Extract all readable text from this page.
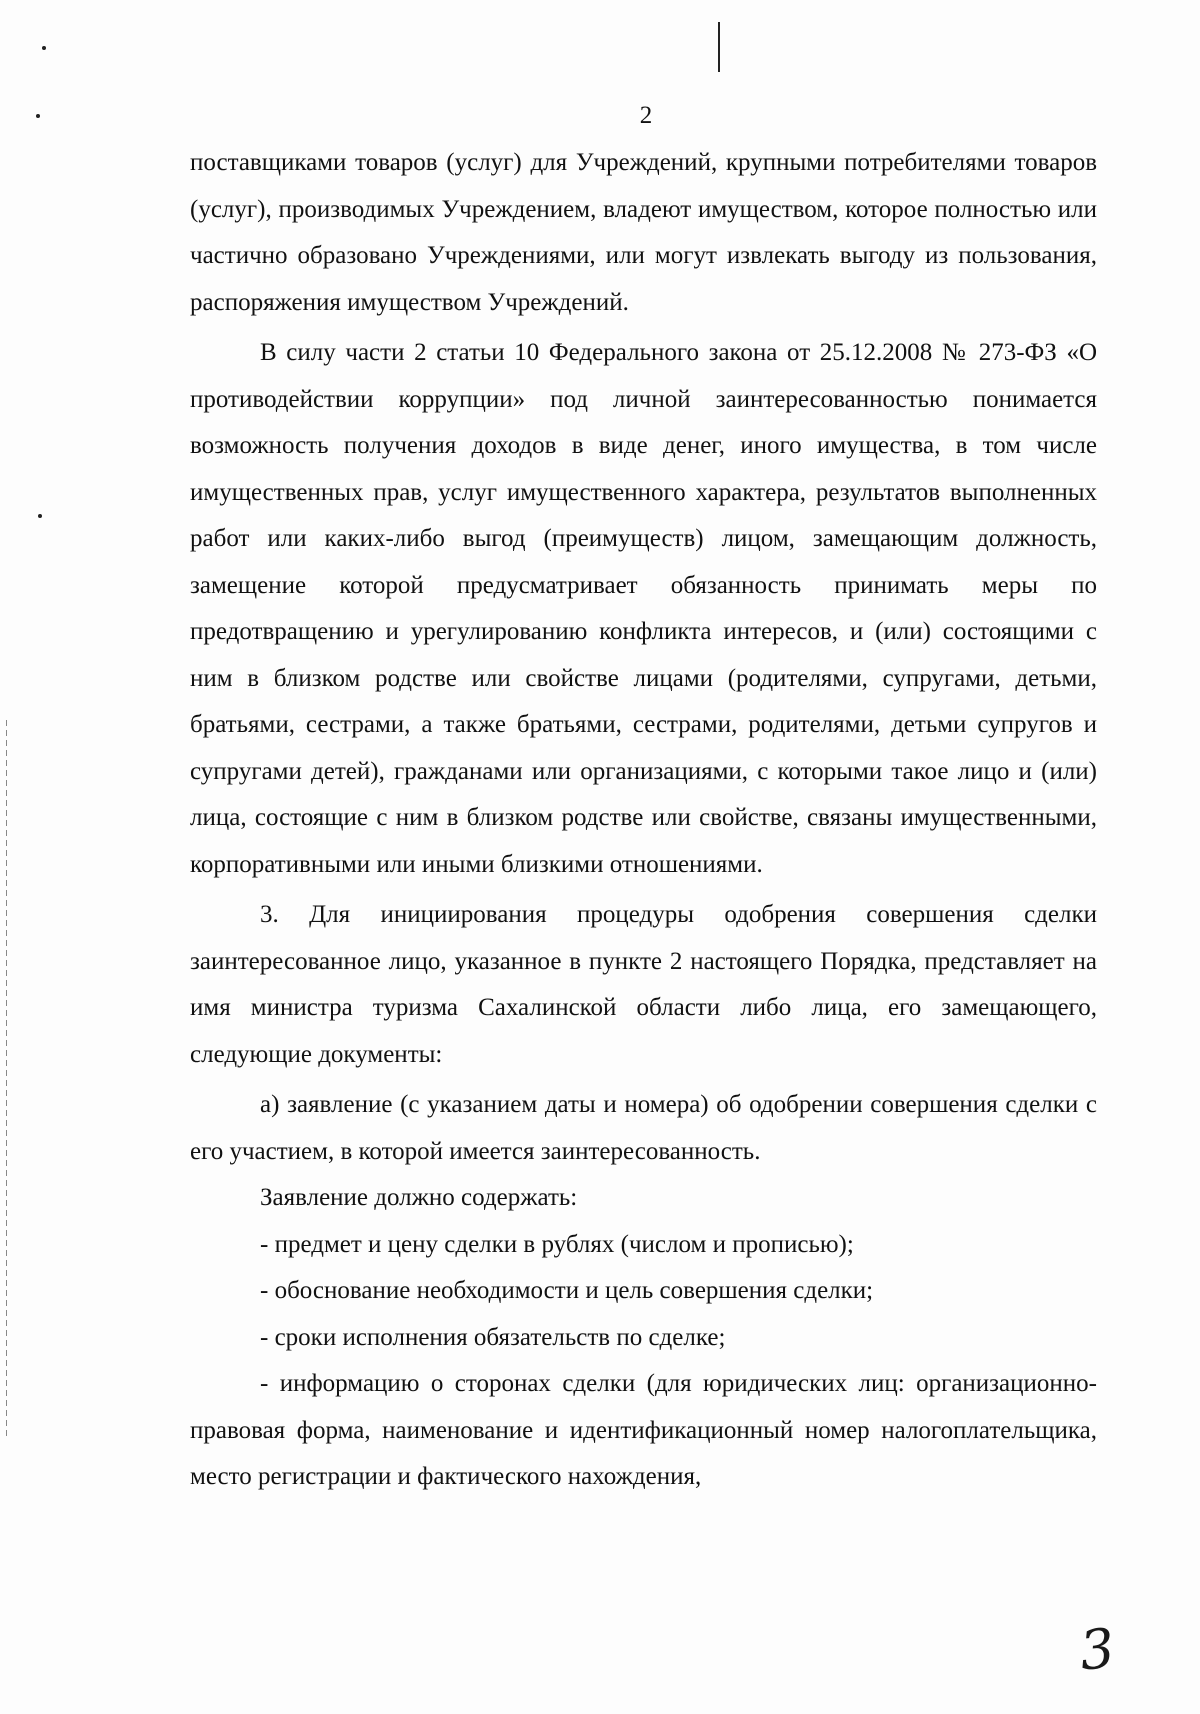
2

поставщиками товаров (услуг) для Учреждений, крупными потребителями товаров (услуг), производимых Учреждением, владеют имуществом, которое полностью или частично образовано Учреждениями, или могут извлекать выгоду из пользования, распоряжения имуществом Учреждений.

В силу части 2 статьи 10 Федерального закона от 25.12.2008 № 273-ФЗ «О противодействии коррупции» под личной заинтересованностью понимается возможность получения доходов в виде денег, иного имущества, в том числе имущественных прав, услуг имущественного характера, результатов выполненных работ или каких-либо выгод (преимуществ) лицом, замещающим должность, замещение которой предусматривает обязанность принимать меры по предотвращению и урегулированию конфликта интересов, и (или) состоящими с ним в близком родстве или свойстве лицами (родителями, супругами, детьми, братьями, сестрами, а также братьями, сестрами, родителями, детьми супругов и супругами детей), гражданами или организациями, с которыми такое лицо и (или) лица, состоящие с ним в близком родстве или свойстве, связаны имущественными, корпоративными или иными близкими отношениями.

3. Для инициирования процедуры одобрения совершения сделки заинтересованное лицо, указанное в пункте 2 настоящего Порядка, представляет на имя министра туризма Сахалинской области либо лица, его замещающего, следующие документы:

а) заявление (с указанием даты и номера) об одобрении совершения сделки с его участием, в которой имеется заинтересованность.

Заявление должно содержать:

- предмет и цену сделки в рублях (числом и прописью);

- обоснование необходимости и цель совершения сделки;

- сроки исполнения обязательств по сделке;

- информацию о сторонах сделки (для юридических лиц: организационно-правовая форма, наименование и идентификационный номер налогоплательщика, место регистрации и фактического нахождения,

3
